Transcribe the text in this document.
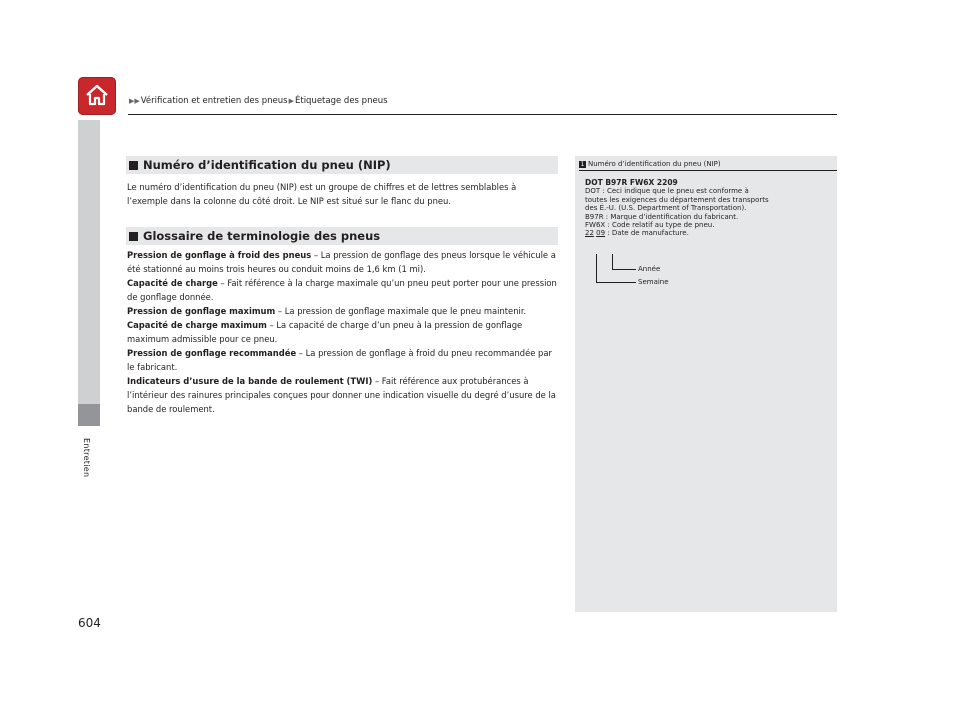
▶▶Vérification et entretien des pneus▶Étiquetage des pneus
Entretien
Numéro d’identification du pneu (NIP)

Le numéro d’identification du pneu (NIP) est un groupe de chiffres et de lettres semblables à l’exemple dans la colonne du côté droit. Le NIP est situé sur le flanc du pneu.

Glossaire de terminologie des pneus

Pression de gonflage à froid des pneus – La pression de gonflage des pneus lorsque le véhicule a été stationné au moins trois heures ou conduit moins de 1,6 km (1 mi).

Capacité de charge – Fait référence à la charge maximale qu’un pneu peut porter pour une pression de gonflage donnée.

Pression de gonflage maximum – La pression de gonflage maximale que le pneu maintenir.

Capacité de charge maximum – La capacité de charge d’un pneu à la pression de gonflage maximum admissible pour ce pneu.

Pression de gonflage recommandée – La pression de gonflage à froid du pneu recommandée par le fabricant.

Indicateurs d’usure de la bande de roulement (TWI) – Fait référence aux protubérances à l’intérieur des rainures principales conçues pour donner une indication visuelle du degré d’usure de la bande de roulement.

1 Numéro d’identification du pneu (NIP)

DOT B97R FW6X 2209

DOT : Ceci indique que le pneu est conforme à

toutes les exigences du département des transports

des É.-U. (U.S. Department of Transportation).

B97R : Marque d’identification du fabricant.

FW6X : Code relatif au type de pneu.

22 09 : Date de manufacture.

Année
Semaine
604
